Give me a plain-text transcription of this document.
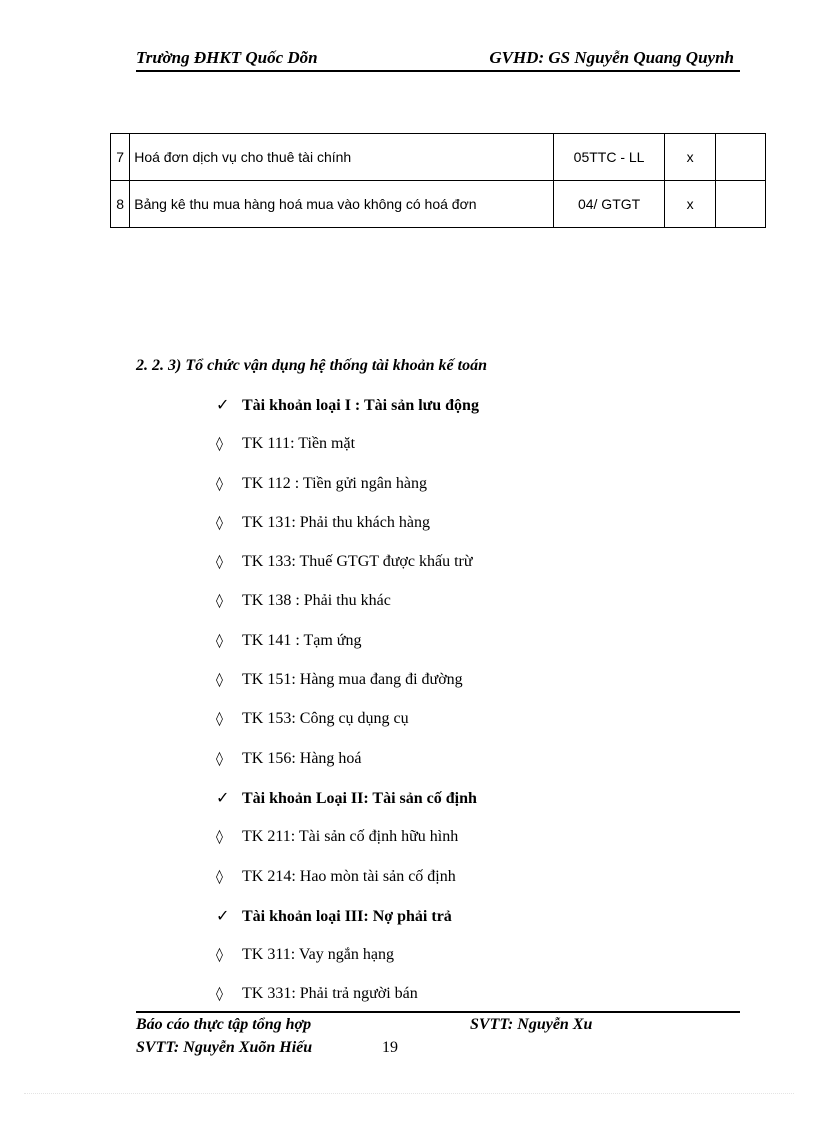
Trường ĐHKT Quốc Dõn	GVHD: GS Nguyễn Quang Quynh
7	Hoá đơn dịch vụ cho thuê tài chính	05TTC - LL	x	
8	Bảng kê thu mua hàng hoá mua vào không có hoá đơn	04/ GTGT	x	
2. 2. 3) Tổ chức vận dụng hệ thống tài khoản kế toán
✓ Tài khoản loại I : Tài sản lưu động
◊ TK 111: Tiền mặt
◊ TK 112 : Tiền gửi ngân hàng
◊ TK 131: Phải thu khách hàng
◊ TK 133: Thuế GTGT được khấu trừ
◊ TK 138 : Phải thu khác
◊ TK 141 : Tạm ứng
◊ TK 151: Hàng mua đang đi đường
◊ TK 153: Công cụ dụng cụ
◊ TK 156: Hàng hoá
✓ Tài khoản Loại II: Tài sản cố định
◊ TK 211: Tài sản cố định hữu hình
◊ TK 214: Hao mòn tài sản cố định
✓ Tài khoản loại III: Nợ phải trả
◊ TK 311: Vay ngắn hạng
◊ TK 331: Phải trả người bán
Báo cáo thực tập tổng hợp	SVTT: Nguyễn Xu
SVTT: Nguyễn Xuõn Hiếu	19
